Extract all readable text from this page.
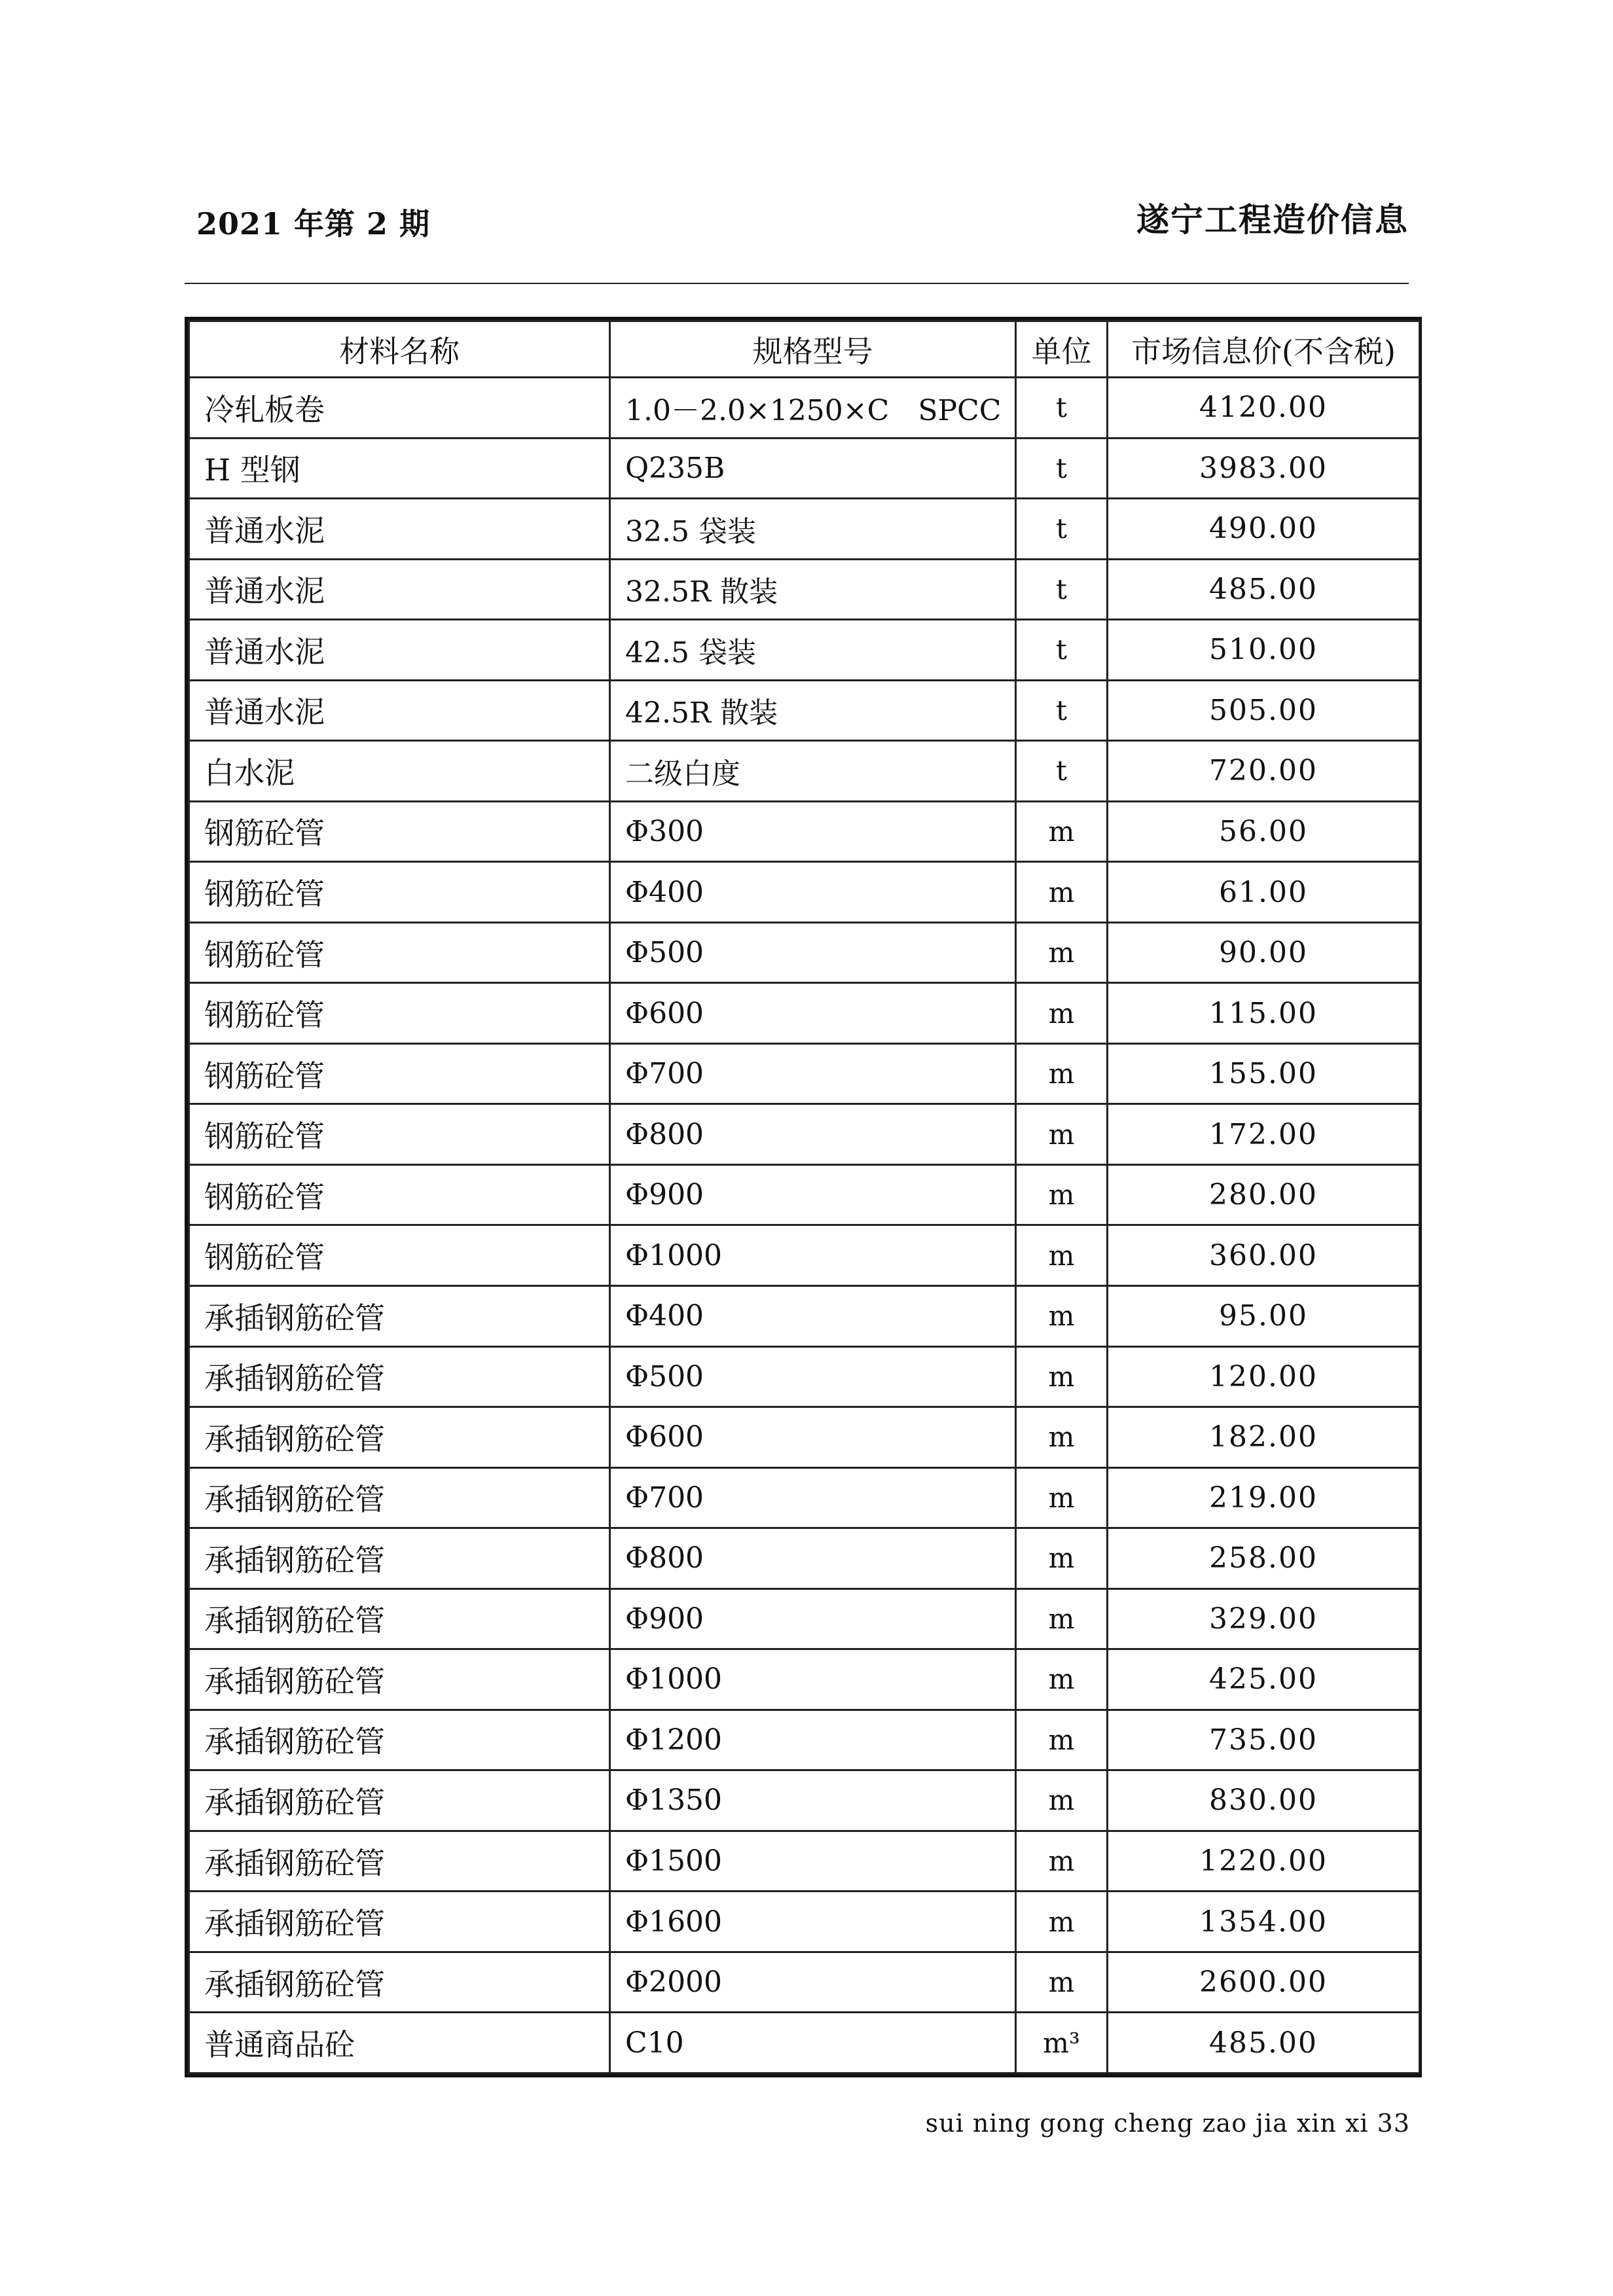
2021 年第 2 期	遂宁工程造价信息
材料名称	规格型号	单位	市场信息价(不含税)
冷轧板卷	1.0－2.0×1250×C　SPCC	t	4120.00
H 型钢	Q235B	t	3983.00
普通水泥	32.5 袋装	t	490.00
普通水泥	32.5R 散装	t	485.00
普通水泥	42.5 袋装	t	510.00
普通水泥	42.5R 散装	t	505.00
白水泥	二级白度	t	720.00
钢筋砼管	Φ300	m	56.00
钢筋砼管	Φ400	m	61.00
钢筋砼管	Φ500	m	90.00
钢筋砼管	Φ600	m	115.00
钢筋砼管	Φ700	m	155.00
钢筋砼管	Φ800	m	172.00
钢筋砼管	Φ900	m	280.00
钢筋砼管	Φ1000	m	360.00
承插钢筋砼管	Φ400	m	95.00
承插钢筋砼管	Φ500	m	120.00
承插钢筋砼管	Φ600	m	182.00
承插钢筋砼管	Φ700	m	219.00
承插钢筋砼管	Φ800	m	258.00
承插钢筋砼管	Φ900	m	329.00
承插钢筋砼管	Φ1000	m	425.00
承插钢筋砼管	Φ1200	m	735.00
承插钢筋砼管	Φ1350	m	830.00
承插钢筋砼管	Φ1500	m	1220.00
承插钢筋砼管	Φ1600	m	1354.00
承插钢筋砼管	Φ2000	m	2600.00
普通商品砼	C10	m³	485.00
sui ning gong cheng zao jia xin xi 33
